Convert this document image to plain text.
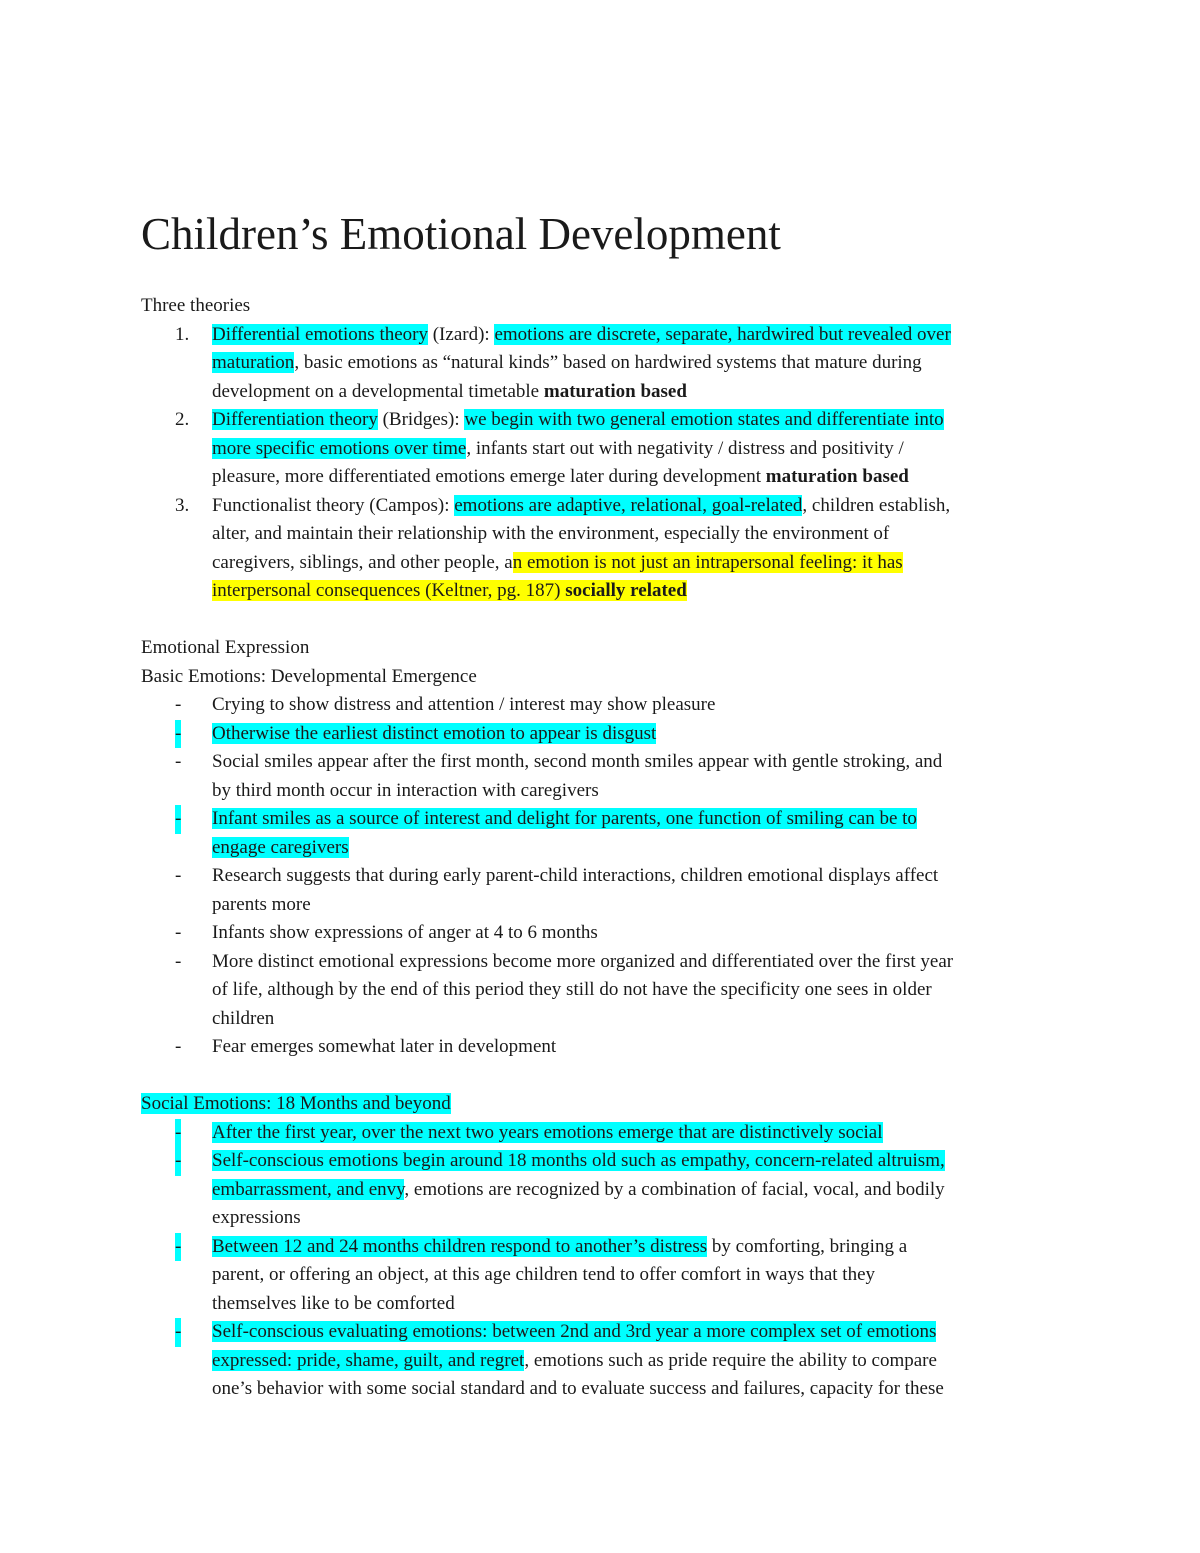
Children’s Emotional Development

Three theories

1. Differential emotions theory (Izard): emotions are discrete, separate, hardwired but revealed over
maturation, basic emotions as “natural kinds” based on hardwired systems that mature during
development on a developmental timetable maturation based
2. Differentiation theory (Bridges): we begin with two general emotion states and differentiate into
more specific emotions over time, infants start out with negativity / distress and positivity /
pleasure, more differentiated emotions emerge later during development maturation based
3. Functionalist theory (Campos): emotions are adaptive, relational, goal-related, children establish,
alter, and maintain their relationship with the environment, especially the environment of
caregivers, siblings, and other people, an emotion is not just an intrapersonal feeling: it has
interpersonal consequences (Keltner, pg. 187) socially related

Emotional Expression

Basic Emotions: Developmental Emergence

- Crying to show distress and attention / interest may show pleasure
- Otherwise the earliest distinct emotion to appear is disgust
- Social smiles appear after the first month, second month smiles appear with gentle stroking, and
by third month occur in interaction with caregivers
- Infant smiles as a source of interest and delight for parents, one function of smiling can be to
engage caregivers
- Research suggests that during early parent-child interactions, children emotional displays affect
parents more
- Infants show expressions of anger at 4 to 6 months
- More distinct emotional expressions become more organized and differentiated over the first year
of life, although by the end of this period they still do not have the specificity one sees in older
children
- Fear emerges somewhat later in development

Social Emotions: 18 Months and beyond

- After the first year, over the next two years emotions emerge that are distinctively social
- Self-conscious emotions begin around 18 months old such as empathy, concern-related altruism,
embarrassment, and envy, emotions are recognized by a combination of facial, vocal, and bodily
expressions
- Between 12 and 24 months children respond to another’s distress by comforting, bringing a
parent, or offering an object, at this age children tend to offer comfort in ways that they
themselves like to be comforted
- Self-conscious evaluating emotions: between 2nd and 3rd year a more complex set of emotions
expressed: pride, shame, guilt, and regret, emotions such as pride require the ability to compare
one’s behavior with some social standard and to evaluate success and failures, capacity for these
